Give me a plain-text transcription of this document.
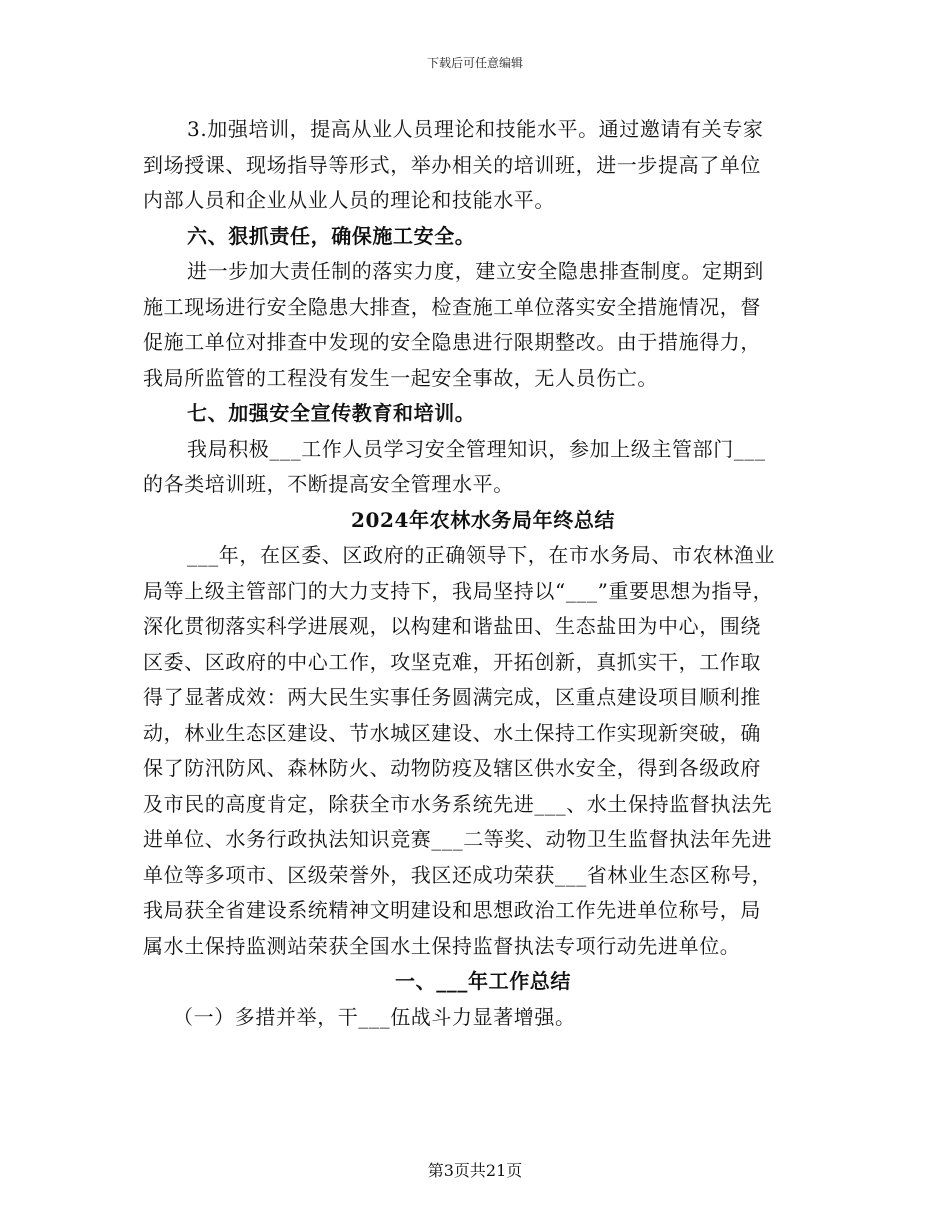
下载后可任意编辑
3.加强培训，提高从业人员理论和技能水平。通过邀请有关专家
到场授课、现场指导等形式，举办相关的培训班，进一步提高了单位
内部人员和企业从业人员的理论和技能水平。
六、狠抓责任，确保施工安全。
进一步加大责任制的落实力度，建立安全隐患排查制度。定期到
施工现场进行安全隐患大排查，检查施工单位落实安全措施情况，督
促施工单位对排查中发现的安全隐患进行限期整改。由于措施得力，
我局所监管的工程没有发生一起安全事故，无人员伤亡。
七、加强安全宣传教育和培训。
我局积极___工作人员学习安全管理知识，参加上级主管部门___
的各类培训班，不断提高安全管理水平。
2024年农林水务局年终总结
___年，在区委、区政府的正确领导下，在市水务局、市农林渔业
局等上级主管部门的大力支持下，我局坚持以“___”重要思想为指导，
深化贯彻落实科学进展观，以构建和谐盐田、生态盐田为中心，围绕
区委、区政府的中心工作，攻坚克难，开拓创新，真抓实干，工作取
得了显著成效：两大民生实事任务圆满完成，区重点建设项目顺利推
动，林业生态区建设、节水城区建设、水土保持工作实现新突破，确
保了防汛防风、森林防火、动物防疫及辖区供水安全，得到各级政府
及市民的高度肯定，除获全市水务系统先进___、水土保持监督执法先
进单位、水务行政执法知识竞赛___二等奖、动物卫生监督执法年先进
单位等多项市、区级荣誉外，我区还成功荣获___省林业生态区称号，
我局获全省建设系统精神文明建设和思想政治工作先进单位称号，局
属水土保持监测站荣获全国水土保持监督执法专项行动先进单位。
一、___年工作总结
（一）多措并举，干___伍战斗力显著增强。
第3页共21页
